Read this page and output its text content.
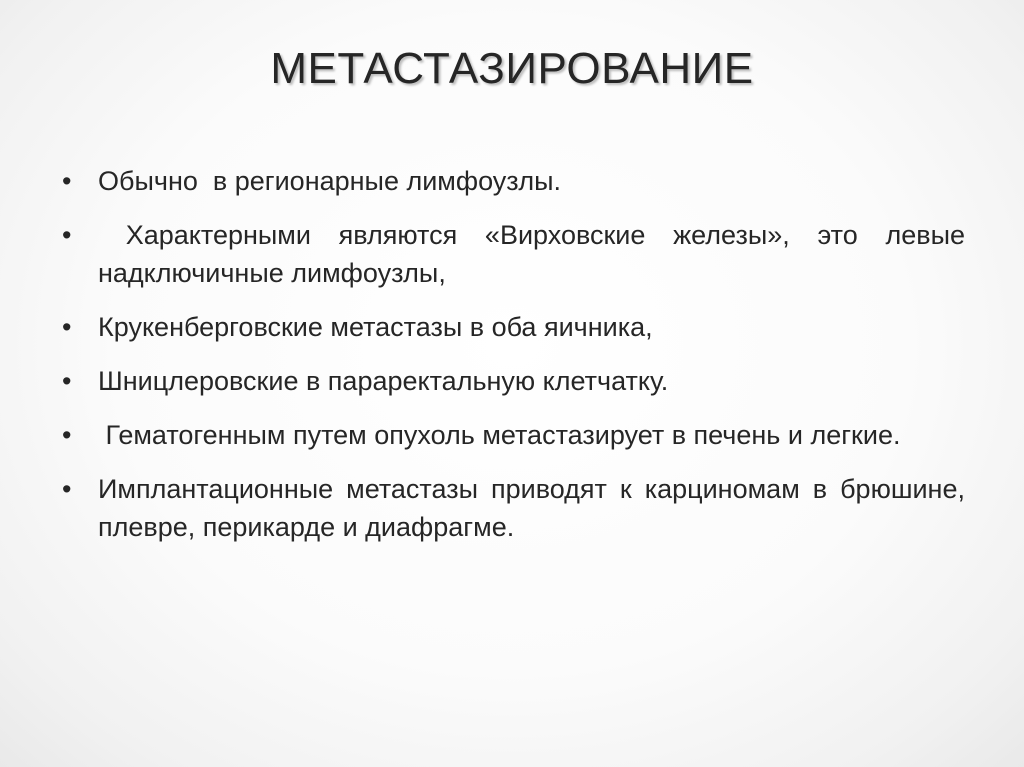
МЕТАСТАЗИРОВАНИЕ
• Обычно  в регионарные лимфоузлы.
• Характерными являются «Вирховские железы», это левые надключичные лимфоузлы,
• Крукенберговские метастазы в оба яичника,
• Шницлеровские в параректальную клетчатку.
• Гематогенным путем опухоль метастазирует в печень и легкие.
• Имплантационные метастазы приводят к карциномам в брюшине, плевре, перикарде и диафрагме.
